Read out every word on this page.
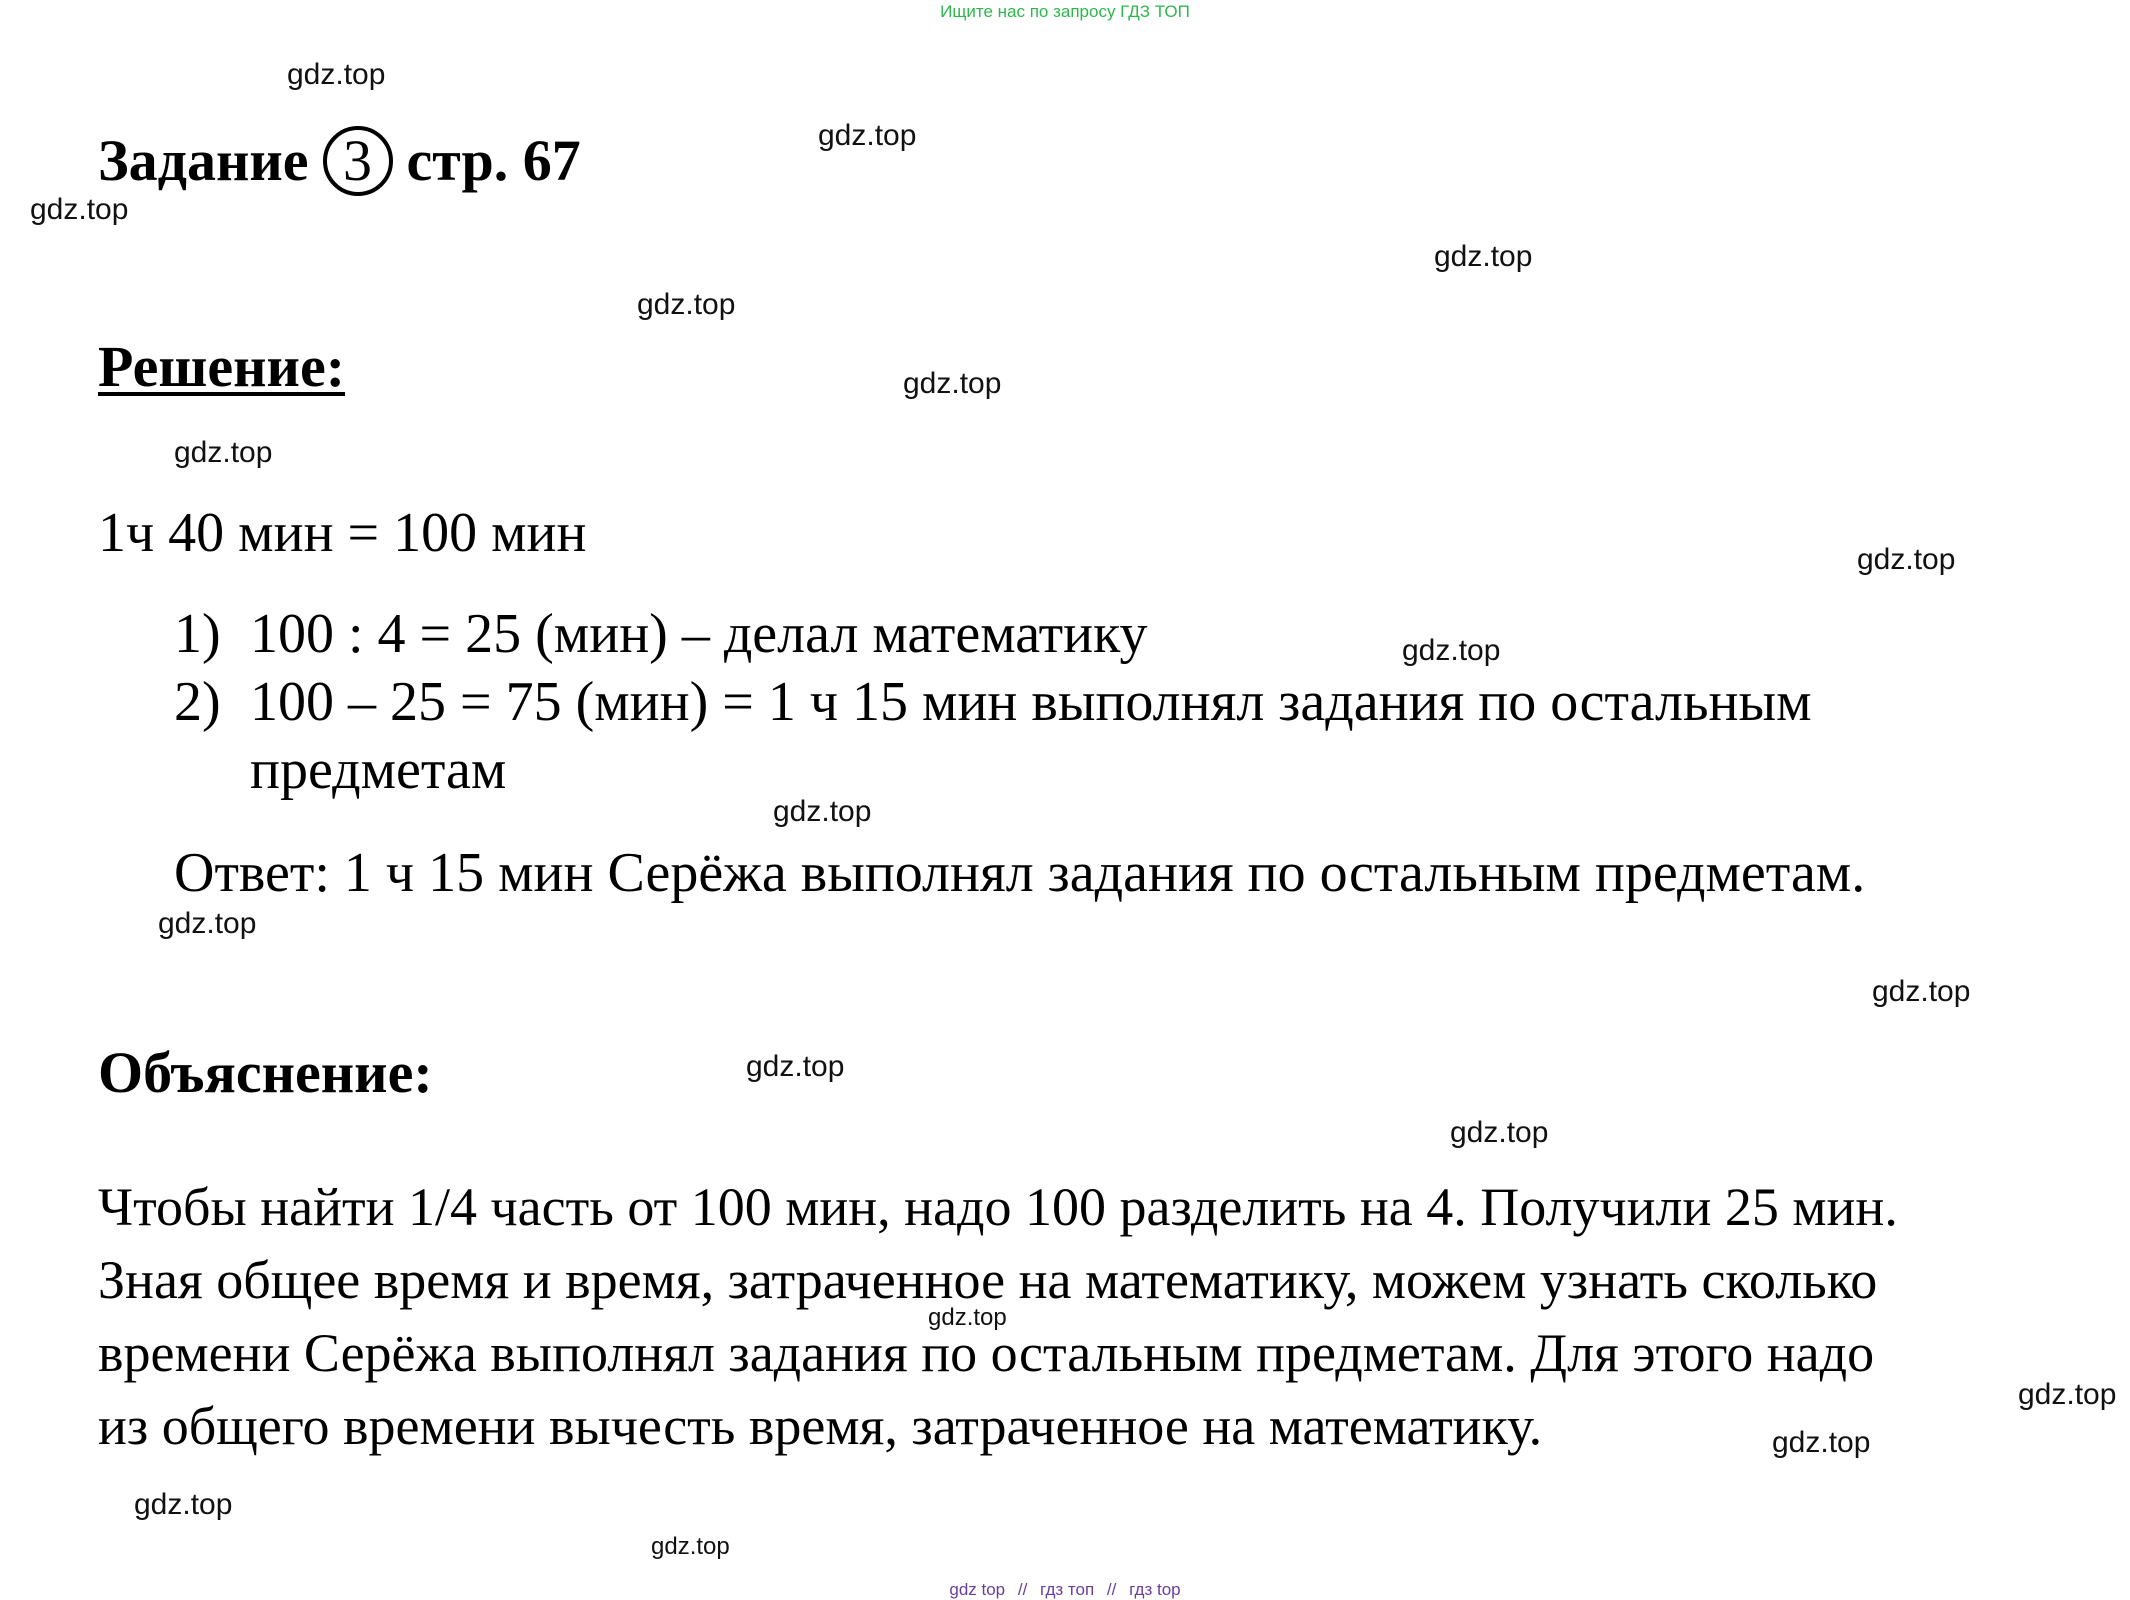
Ищите нас по запросу ГДЗ ТОП
Задание 3 стр. 67
Решение:
1ч 40 мин = 100 мин
1) 100 : 4 = 25 (мин) – делал математику
2) 100 – 25 = 75 (мин) = 1 ч 15 мин выполнял задания по остальным
предметам
Ответ: 1 ч 15 мин Серёжа выполнял задания по остальным предметам.
Объяснение:
Чтобы найти 1/4 часть от 100 мин, надо 100 разделить на 4. Получили 25 мин.
Зная общее время и время, затраченное на математику, можем узнать сколько
времени Серёжа выполнял задания по остальным предметам. Для этого надо
из общего времени вычесть время, затраченное на математику.
gdz.top
gdz.top
gdz.top
gdz.top
gdz.top
gdz.top
gdz.top
gdz.top
gdz.top
gdz.top
gdz.top
gdz.top
gdz.top
gdz.top
gdz.top
gdz.top
gdz.top
gdz.top
gdz.top
gdz top // гдз топ // гдз top
